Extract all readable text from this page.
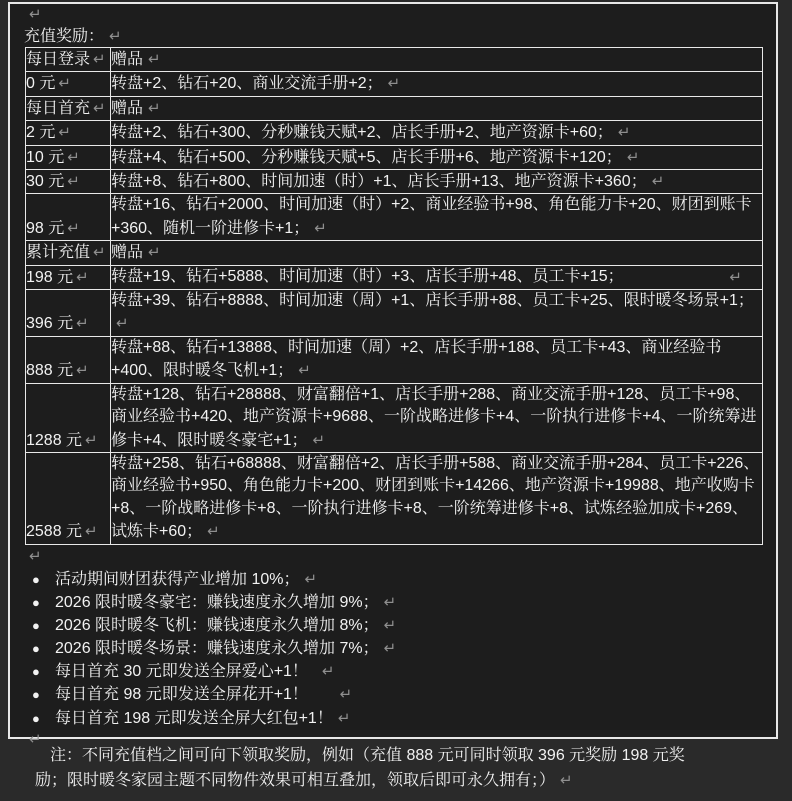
↵
充值奖励： ↵
每日登录 ↵	赠品 ↵
0 元 ↵	转盘+2、钻石+20、商业交流手册+2； ↵
每日首充 ↵	赠品 ↵
2 元 ↵	转盘+2、钻石+300、分秒赚钱天赋+2、店长手册+2、地产资源卡+60； ↵
10 元 ↵	转盘+4、钻石+500、分秒赚钱天赋+5、店长手册+6、地产资源卡+120； ↵
30 元 ↵	转盘+8、钻石+800、时间加速（时）+1、店长手册+13、地产资源卡+360； ↵
98 元 ↵	转盘+16、钻石+2000、时间加速（时）+2、商业经验书+98、角色能力卡+20、财团到账卡+360、随机一阶进修卡+1； ↵
累计充值 ↵	赠品 ↵
198 元 ↵	转盘+19、钻石+5888、时间加速（时）+3、店长手册+48、员工卡+15； ↵

396 元 ↵	转盘+39、钻石+8888、时间加速（周）+1、店长手册+88、员工卡+25、限时暖冬场景+1；↵
888 元 ↵	转盘+88、钻石+13888、时间加速（周）+2、店长手册+188、员工卡+43、商业经验书+400、限时暖冬飞机+1； ↵
1288 元 ↵	转盘+128、钻石+28888、财富翻倍+1、店长手册+288、商业交流手册+128、员工卡+98、商业经验书+420、地产资源卡+9688、一阶战略进修卡+4、一阶执行进修卡+4、一阶统筹进修卡+4、限时暖冬豪宅+1； ↵
2588 元 ↵	转盘+258、钻石+68888、财富翻倍+2、店长手册+588、商业交流手册+284、员工卡+226、商业经验书+950、角色能力卡+200、财团到账卡+14266、地产资源卡+19988、地产收购卡+8、一阶战略进修卡+8、一阶执行进修卡+8、一阶统筹进修卡+8、试炼经验加成卡+269、试炼卡+60； ↵
↵
● 活动期间财团获得产业增加 10%； ↵
● 2026 限时暖冬豪宅：赚钱速度永久增加 9%； ↵
● 2026 限时暖冬飞机：赚钱速度永久增加 8%； ↵
● 2026 限时暖冬场景：赚钱速度永久增加 7%； ↵
● 每日首充 30 元即发送全屏爱心+1！ ↵
● 每日首充 98 元即发送全屏花开+1！ ↵
● 每日首充 198 元即发送全屏大红包+1！ ↵
↵
注：不同充值档之间可向下领取奖励，例如（充值 888 元可同时领取 396 元奖励 198 元奖励；限时暖冬家园主题不同物件效果可相互叠加，领取后即可永久拥有；） ↵
